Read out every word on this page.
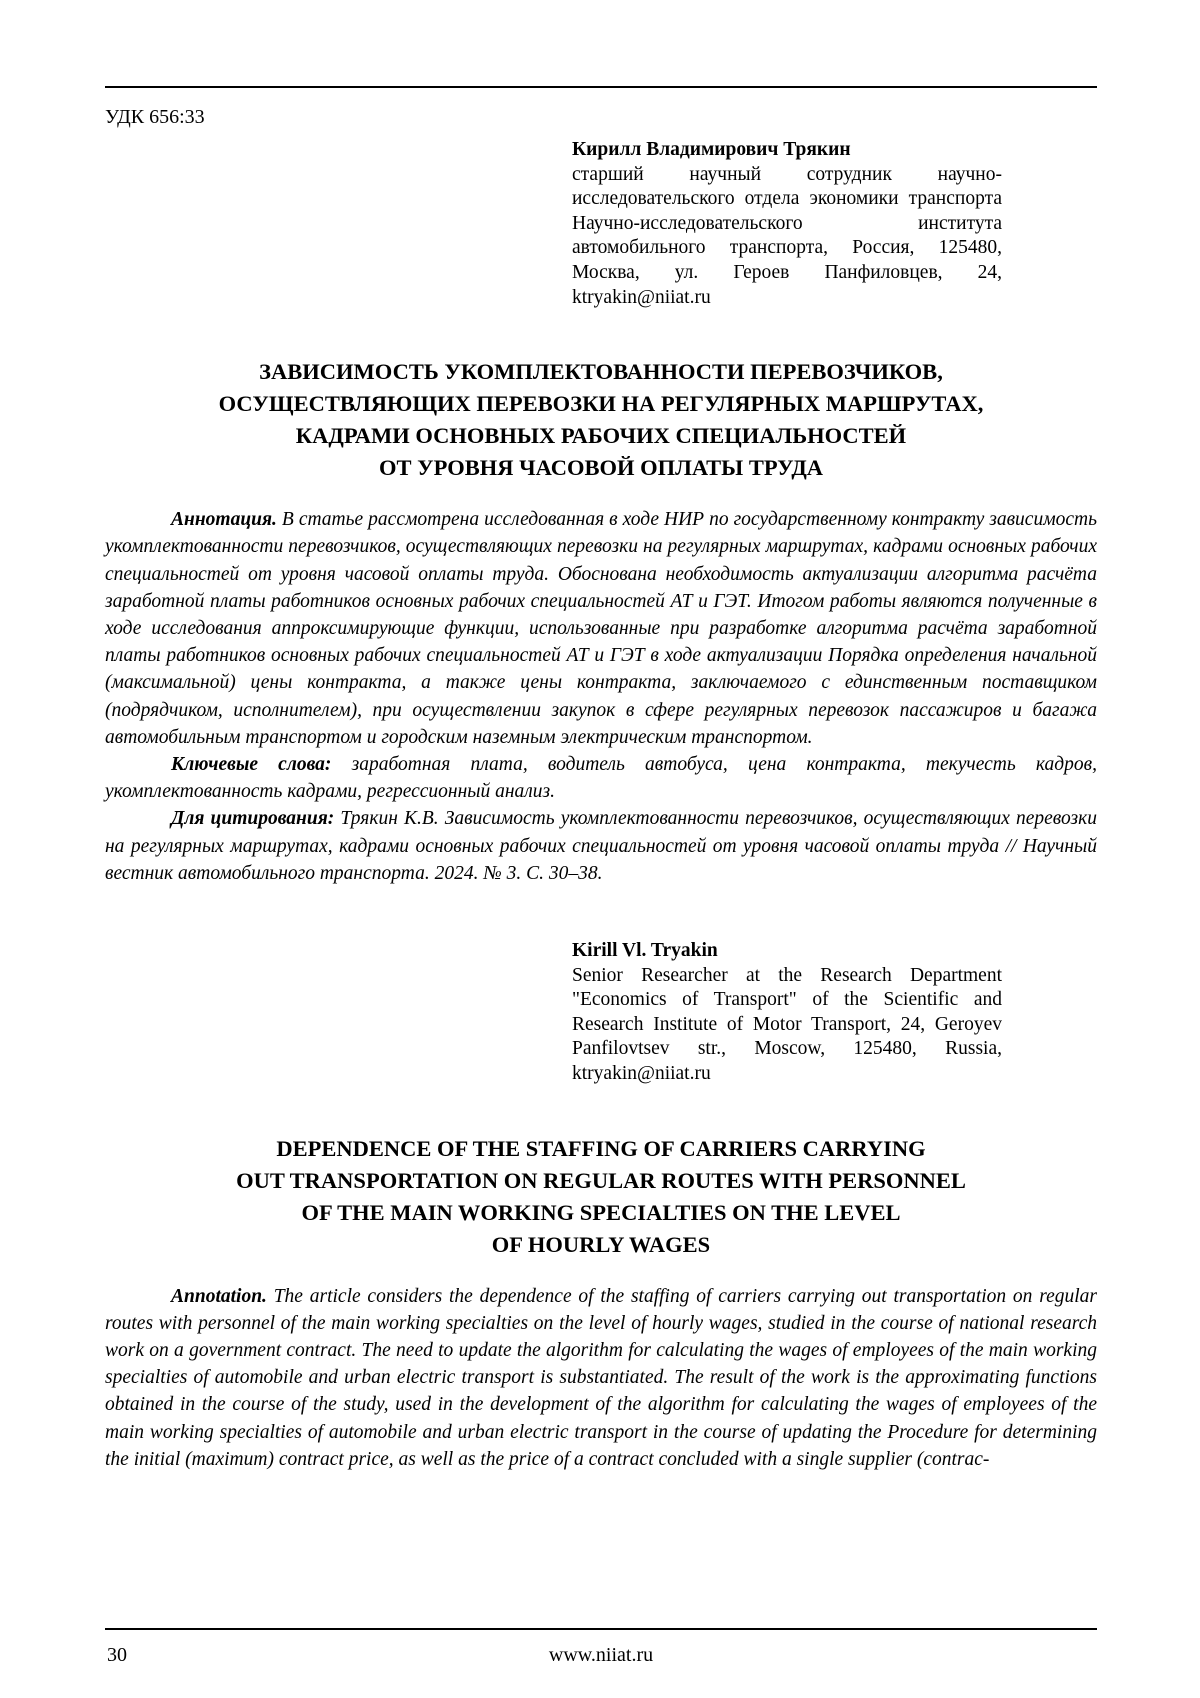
УДК 656:33
Кирилл Владимирович Трякин
старший научный сотрудник научно-исследовательского отдела экономики транспорта Научно-исследовательского института автомобильного транспорта, Россия, 125480, Москва, ул. Героев Панфиловцев, 24, ktryakin@niiat.ru
ЗАВИСИМОСТЬ УКОМПЛЕКТОВАННОСТИ ПЕРЕВОЗЧИКОВ,
ОСУЩЕСТВЛЯЮЩИХ ПЕРЕВОЗКИ НА РЕГУЛЯРНЫХ МАРШРУТАХ,
КАДРАМИ ОСНОВНЫХ РАБОЧИХ СПЕЦИАЛЬНОСТЕЙ
ОТ УРОВНЯ ЧАСОВОЙ ОПЛАТЫ ТРУДА

Аннотация. В статье рассмотрена исследованная в ходе НИР по государственному контракту зависимость укомплектованности перевозчиков, осуществляющих перевозки на регулярных маршрутах, кадрами основных рабочих специальностей от уровня часовой оплаты труда. Обоснована необходимость актуализации алгоритма расчёта заработной платы работников основных рабочих специальностей АТ и ГЭТ. Итогом работы являются полученные в ходе исследования аппроксимирующие функции, использованные при разработке алгоритма расчёта заработной платы работников основных рабочих специальностей АТ и ГЭТ в ходе актуализации Порядка определения начальной (максимальной) цены контракта, а также цены контракта, заключаемого с единственным поставщиком (подрядчиком, исполнителем), при осуществлении закупок в сфере регулярных перевозок пассажиров и багажа автомобильным транспортом и городским наземным электрическим транспортом.

Ключевые слова: заработная плата, водитель автобуса, цена контракта, текучесть кадров, укомплектованность кадрами, регрессионный анализ.

Для цитирования: Трякин К.В. Зависимость укомплектованности перевозчиков, осуществляющих перевозки на регулярных маршрутах, кадрами основных рабочих специальностей от уровня часовой оплаты труда // Научный вестник автомобильного транспорта. 2024. № 3. С. 30–38.

Kirill Vl. Tryakin
Senior Researcher at the Research Department "Economics of Transport" of the Scientific and Research Institute of Motor Transport, 24, Geroyev Panfilovtsev str., Moscow, 125480, Russia, ktryakin@niiat.ru
DEPENDENCE OF THE STAFFING OF CARRIERS CARRYING
OUT TRANSPORTATION ON REGULAR ROUTES WITH PERSONNEL
OF THE MAIN WORKING SPECIALTIES ON THE LEVEL
OF HOURLY WAGES

Annotation. The article considers the dependence of the staffing of carriers carrying out transportation on regular routes with personnel of the main working specialties on the level of hourly wages, studied in the course of national research work on a government contract. The need to update the algorithm for calculating the wages of employees of the main working specialties of automobile and urban electric transport is substantiated. The result of the work is the approximating functions obtained in the course of the study, used in the development of the algorithm for calculating the wages of employees of the main working specialties of automobile and urban electric transport in the course of updating the Procedure for determining the initial (maximum) contract price, as well as the price of a contract concluded with a single supplier (contrac-

30	www.niiat.ru
